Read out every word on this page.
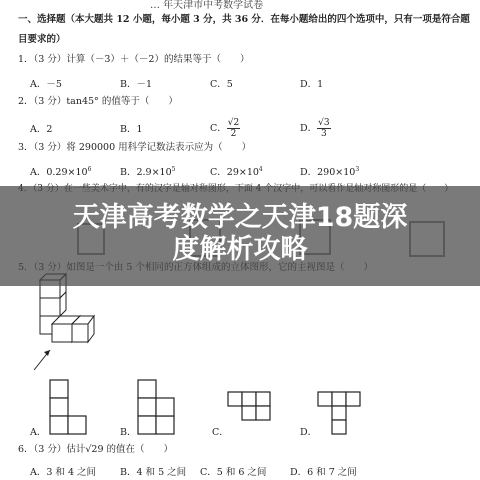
… 年天津市中考数学试卷
一、选择题（本大题共 12 小题，每小题 3 分，共 36 分．在每小题给出的四个选项中，只有一项是符合题
目要求的）
1．（3 分）计算（－3）＋（－2）的结果等于（　　）
A．－5	B．－1	C．5	D．1
2．（3 分）tan45° 的值等于（　　）
A．2	B．1	C． $\frac{√2}{2}$	D． $\frac{√3}{3}$
3．（3 分）将 290000 用科学记数法表示应为（　　）
A．$0.29\times 10^6$	B．$2.9\times 10^5$	C．$29\times 10^4$	D．$290\times 10^3$
A．	B．	C．	D．
6．（3 分）估计√29 的值在（　　）
A．3 和 4 之间	B．4 和 5 之间 C．5 和 6 之间 D．6 和 7 之间
天津高考数学之天津18题深
度解析攻略
